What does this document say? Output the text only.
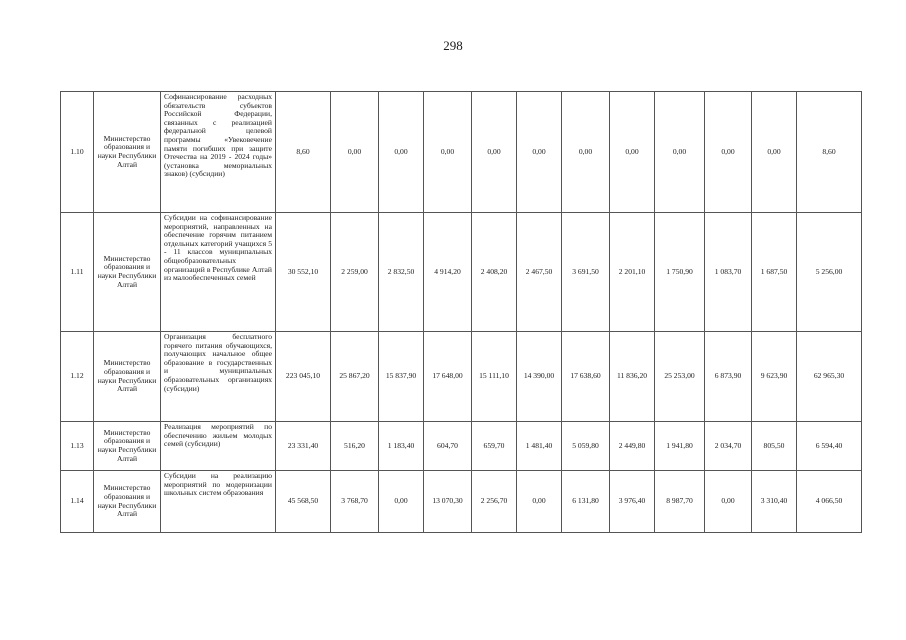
298
1.10	Министерство образования и науки Республики Алтай	Софинансирование расходных обязательств субъектов Российской Федерации, связанных с реализацией федеральной целевой программы «Увековечение памяти погибших при защите Отечества на 2019 - 2024 годы» (установка мемориальных знаков) (субсидии)	8,60	0,00	0,00	0,00	0,00	0,00	0,00	0,00	0,00	0,00	0,00	8,60
1.11	Министерство образования и науки Республики Алтай	Субсидии на софинансирование мероприятий, направленных на обеспечение горячим питанием отдельных категорий учащихся 5 - 11 классов муниципальных общеобразовательных организаций в Республике Алтай из малообеспеченных семей	30 552,10	2 259,00	2 832,50	4 914,20	2 408,20	2 467,50	3 691,50	2 201,10	1 750,90	1 083,70	1 687,50	5 256,00
1.12	Министерство образования и науки Республики Алтай	Организация бесплатного горячего питания обучающихся, получающих начальное общее образование в государственных и муниципальных образовательных организациях (субсидии)	223 045,10	25 867,20	15 837,90	17 648,00	15 111,10	14 390,00	17 638,60	11 836,20	25 253,00	6 873,90	9 623,90	62 965,30
1.13	Министерство образования и науки Республики Алтай	Реализация мероприятий по обеспечению жильем молодых семей (субсидии)	23 331,40	516,20	1 183,40	604,70	659,70	1 481,40	5 059,80	2 449,80	1 941,80	2 034,70	805,50	6 594,40
1.14	Министерство образования и науки Республики Алтай	Субсидии на реализацию мероприятий по модернизации школьных систем образования	45 568,50	3 768,70	0,00	13 070,30	2 256,70	0,00	6 131,80	3 976,40	8 987,70	0,00	3 310,40	4 066,50
